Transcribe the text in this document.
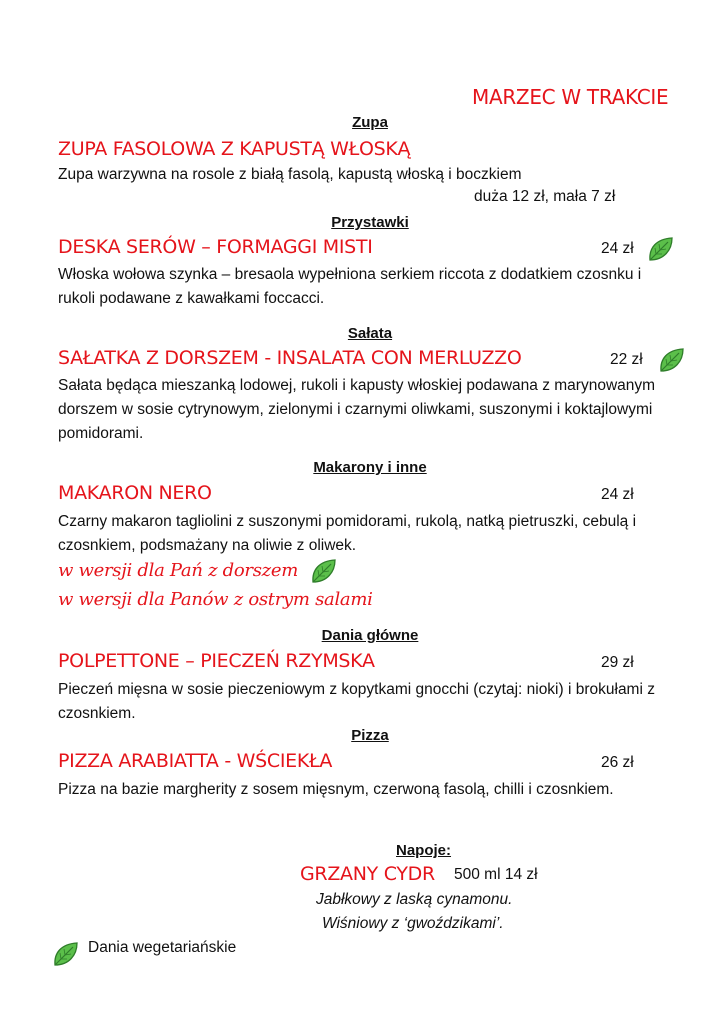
MARZEC W TRAKCIE
Zupa
ZUPA FASOLOWA Z KAPUSTĄ WŁOSKĄ
Zupa warzywna na rosole z białą fasolą, kapustą włoską i boczkiem
duża 12 zł, mała 7 zł
Przystawki
DESKA SERÓW – FORMAGGI MISTI	24 zł
Włoska wołowa szynka – bresaola wypełniona serkiem riccota z dodatkiem czosnku i rukoli podawane z kawałkami foccacci.
Sałata
SAŁATKA Z DORSZEM - INSALATA CON MERLUZZO	22 zł
Sałata będąca mieszanką lodowej, rukoli i kapusty włoskiej podawana z marynowanym dorszem w sosie cytrynowym, zielonymi i czarnymi oliwkami, suszonymi i koktajlowymi pomidorami.
Makarony i inne
MAKARON NERO	24 zł
Czarny makaron tagliolini z suszonymi pomidorami, rukolą, natką pietruszki, cebulą i czosnkiem, podsmażany na oliwie z oliwek.
w wersji dla Pań z dorszem
w wersji dla Panów z ostrym salami
Dania główne
POLPETTONE – PIECZEŃ RZYMSKA	29 zł
Pieczeń mięsna w sosie pieczeniowym z kopytkami gnocchi (czytaj: nioki) i brokułami z czosnkiem.
Pizza
PIZZA ARABIATTA - WŚCIEKŁA	26 zł
Pizza na bazie margherity z sosem mięsnym, czerwoną fasolą, chilli i czosnkiem.
Napoje:
GRZANY CYDR 500 ml 14 zł
Jabłkowy z laską cynamonu.
Wiśniowy z ‘gwoździkami’.
Dania wegetariańskie
